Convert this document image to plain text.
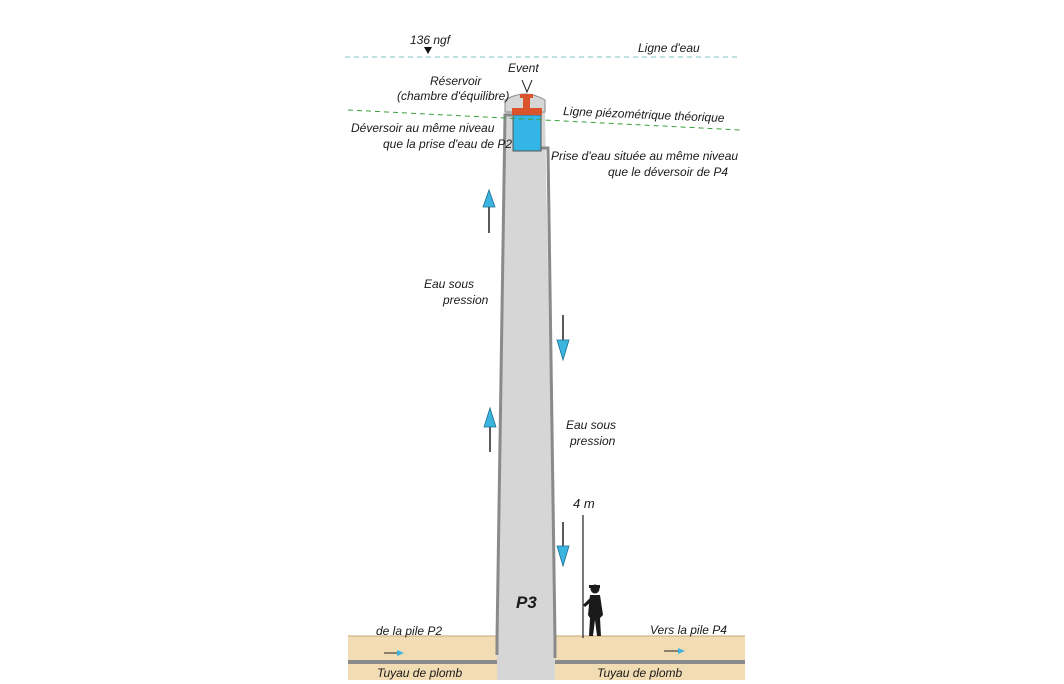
136 ngf
Ligne d'eau
Event
Réservoir
(chambre d'équilibre)
Ligne piézométrique théorique
Déversoir au même niveau
que la prise d'eau de P2
Prise d'eau située au même niveau
que le déversoir de P4
Eau sous
pression
Eau sous
pression
4 m
P3
de la pile P2	Vers la pile P4
Tuyau de plomb	Tuyau de plomb
